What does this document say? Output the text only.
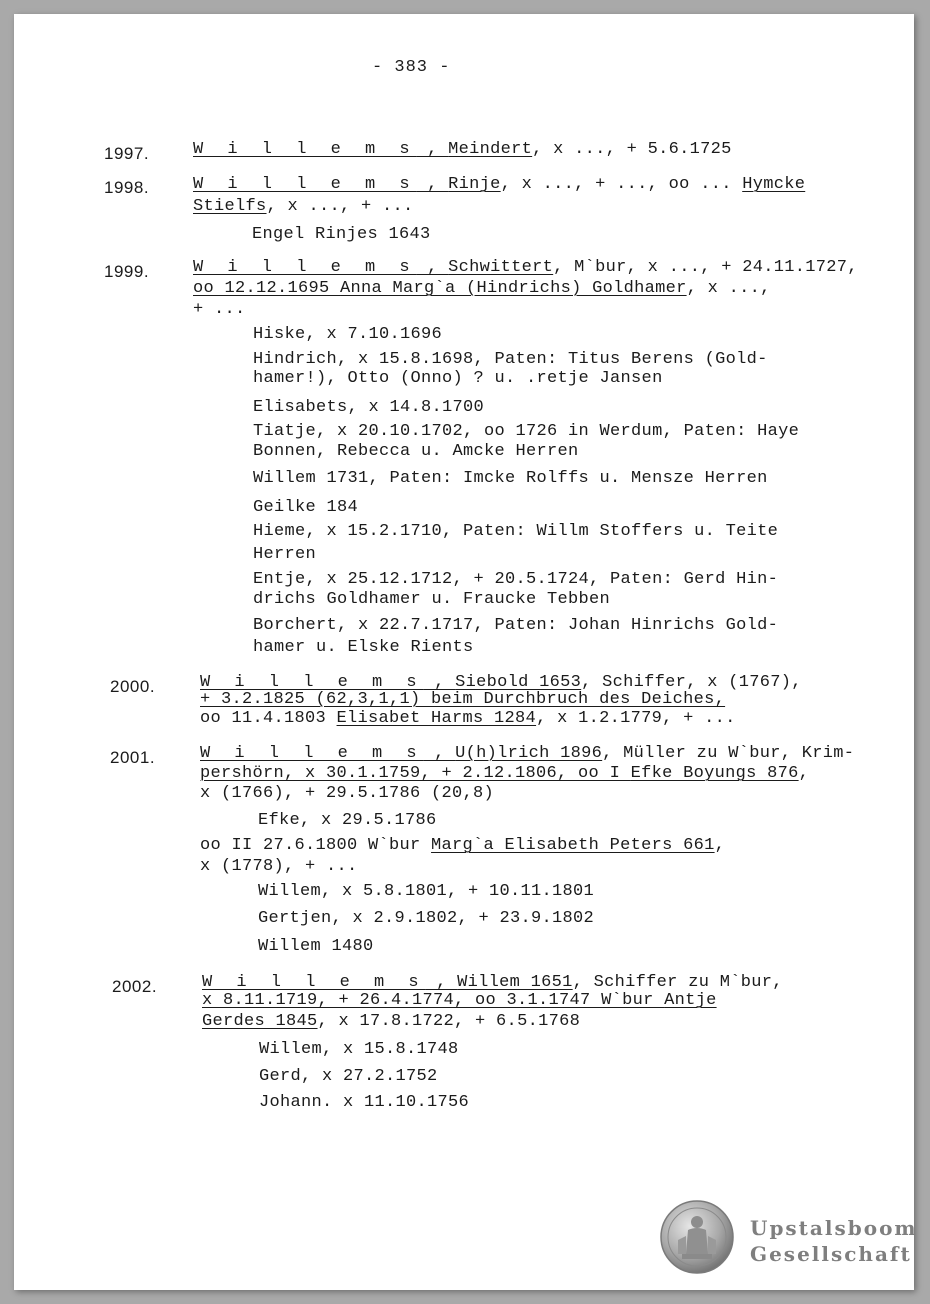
- 383 -
1997.	W i l l e m s , Meindert, x ..., + 5.6.1725
1998.	W i l l e m s , Rinje, x ..., + ..., oo ... Hymcke
Stielfs, x ..., + ...
Engel Rinjes 1643
1999.	W i l l e m s , Schwittert, M`bur, x ..., + 24.11.1727,
oo 12.12.1695 Anna Marg`a (Hindrichs) Goldhamer, x ...,
+ ...
Hiske, x 7.10.1696
Hindrich, x 15.8.1698, Paten: Titus Berens (Gold-
hamer!), Otto (Onno) ? u. .retje Jansen
Elisabets, x 14.8.1700
Tiatje, x 20.10.1702, oo 1726 in Werdum, Paten: Haye
Bonnen, Rebecca u. Amcke Herren
Willem 1731, Paten: Imcke Rolffs u. Mensze Herren
Geilke 184
Hieme, x 15.2.1710, Paten: Willm Stoffers u. Teite
Herren
Entje, x 25.12.1712, + 20.5.1724, Paten: Gerd Hin-
drichs Goldhamer u. Fraucke Tebben
Borchert, x 22.7.1717, Paten: Johan Hinrichs Gold-
hamer u. Elske Rients
2000.	W i l l e m s , Siebold 1653, Schiffer, x (1767),
+ 3.2.1825 (62,3,1,1) beim Durchbruch des Deiches,
oo 11.4.1803 Elisabet Harms 1284, x 1.2.1779, + ...
2001.	W i l l e m s , U(h)lrich 1896, Müller zu W`bur, Krim-
pershörn, x 30.1.1759, + 2.12.1806, oo I Efke Boyungs 876,
x (1766), + 29.5.1786 (20,8)
Efke, x 29.5.1786
oo II 27.6.1800 W`bur Marg`a Elisabeth Peters 661,
x (1778), + ...
Willem, x 5.8.1801, + 10.11.1801
Gertjen, x 2.9.1802, + 23.9.1802
Willem 1480
2002.	W i l l e m s , Willem 1651, Schiffer zu M`bur,
x 8.11.1719, + 26.4.1774, oo 3.1.1747 W`bur Antje
Gerdes 1845, x 17.8.1722, + 6.5.1768
Willem, x 15.8.1748
Gerd, x 27.2.1752
Johann. x 11.10.1756
Upstalsboom
Gesellschaft
